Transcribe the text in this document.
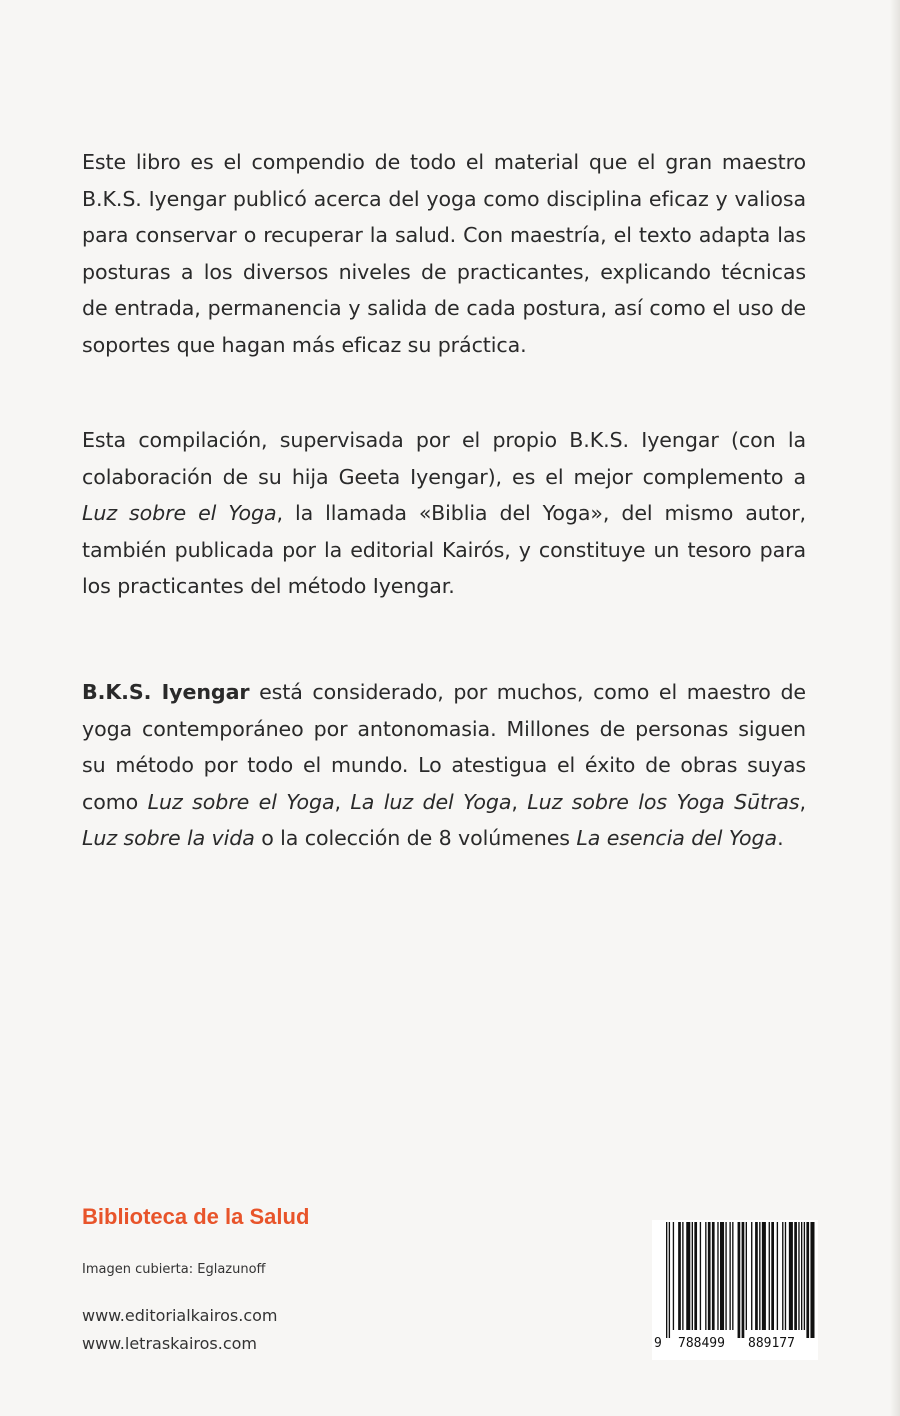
Este libro es el compendio de todo el material que el gran maestro B.K.S. Iyengar publicó acerca del yoga como disciplina eficaz y valiosa para conservar o recuperar la salud. Con maestría, el texto adapta las posturas a los diversos niveles de practicantes, explicando técnicas de entrada, permanencia y salida de cada postura, así como el uso de soportes que hagan más eficaz su práctica.

Esta compilación, supervisada por el propio B.K.S. Iyengar (con la colaboración de su hija Geeta Iyengar), es el mejor complemento a Luz sobre el Yoga, la llamada «Biblia del Yoga», del mismo autor, también publicada por la editorial Kairós, y constituye un tesoro para los practicantes del método Iyengar.

B.K.S. Iyengar está considerado, por muchos, como el maestro de yoga contemporáneo por antonomasia. Millones de personas siguen su método por todo el mundo. Lo atestigua el éxito de obras suyas como Luz sobre el Yoga, La luz del Yoga, Luz sobre los Yoga Sūtras, Luz sobre la vida o la colección de 8 volúmenes La esencia del Yoga.

Biblioteca de la Salud

Imagen cubierta: Eglazunoff

www.editorialkairos.com

www.letraskairos.com	9 788499 889177
